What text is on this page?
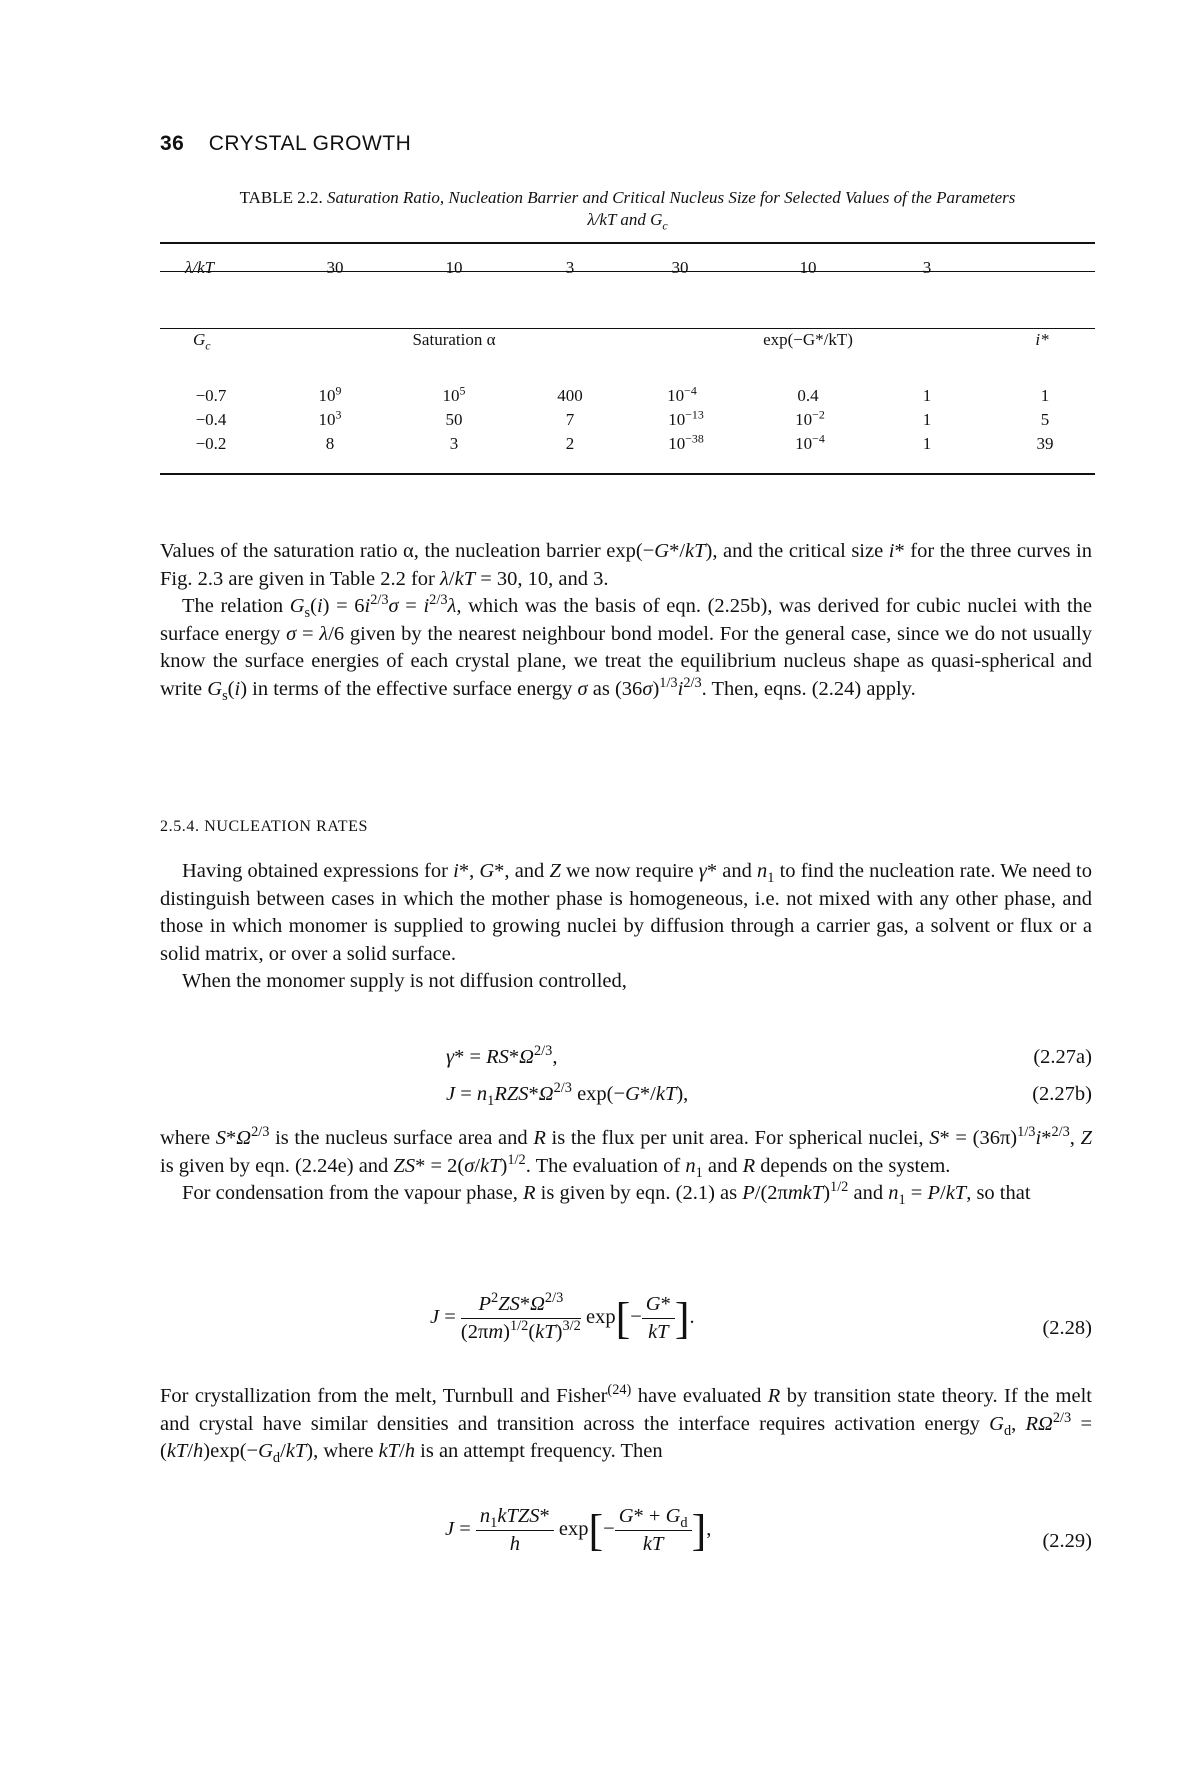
36 CRYSTAL GROWTH
TABLE 2.2. Saturation Ratio, Nucleation Barrier and Critical Nucleus Size for Selected Values of the Parameters
λ/kT and $G_c$
λ/kT	30	10	3	30	10	3
$G_c$	Saturation α	exp(−G*/kT)	i*
−0.7	$10^9$	$10^5$	400	$10^{-4}$	0.4	1	1
−0.4	$10^3$	50	7	$10^{-13}$	$10^{-2}$	1	5
−0.2	8	3	2	$10^{-38}$	$10^{-4}$	1	39

Values of the saturation ratio α, the nucleation barrier exp(−G*/kT), and the critical size i* for the three curves in Fig. 2.3 are given in Table 2.2 for λ/kT = 30, 10, and 3.

The relation $G_s(i) = 6i^{2/3}\sigma = i^{2/3}\lambda$, which was the basis of eqn. (2.25b), was derived for cubic nuclei with the surface energy σ = λ/6 given by the nearest neighbour bond model. For the general case, since we do not usually know the surface energies of each crystal plane, we treat the equilibrium nucleus shape as quasi-spherical and write $G_s(i)$ in terms of the effective surface energy σ as $(36\sigma)^{1/3}i^{2/3}$. Then, eqns. (2.24) apply.

2.5.4. NUCLEATION RATES

Having obtained expressions for i*, G*, and Z we now require γ* and $n_1$ to find the nucleation rate. We need to distinguish between cases in which the mother phase is homogeneous, i.e. not mixed with any other phase, and those in which monomer is supplied to growing nuclei by diffusion through a carrier gas, a solvent or flux or a solid matrix, or over a solid surface.

When the monomer supply is not diffusion controlled,

$\gamma* = RS*\Omega^{2/3}$,	(2.27a)
$J = n_1RZS*\Omega^{2/3}$ exp(−G*/kT),	(2.27b)

where $S*\Omega^{2/3}$ is the nucleus surface area and R is the flux per unit area. For spherical nuclei, $S* = (36\pi)^{1/3}i*^{2/3}$, Z is given by eqn. (2.24e) and $ZS* = 2(\sigma/kT)^{1/2}$. The evaluation of $n_1$ and R depends on the system.

For condensation from the vapour phase, R is given by eqn. (2.1) as $P/(2\pi mkT)^{1/2}$ and $n_1 = P/kT$, so that

$J = \frac{P^2ZS*\Omega^{2/3}}{(2\pi m)^{1/2}(kT)^{3/2}} \exp[- \frac{G*}{kT}$ ].	(2.28)

For crystallization from the melt, Turnbull and Fisher$^{(24)}$ have evaluated R by transition state theory. If the melt and crystal have similar densities and transition across the interface requires activation energy $G_d$, $R\Omega^{2/3} = (kT/h)\exp(-G_d/kT)$, where kT/h is an attempt frequency. Then

$J = \frac{n_1kTZS*}{h} \exp[- \frac{G* + G_d}{kT}$ ],
(2.29)
